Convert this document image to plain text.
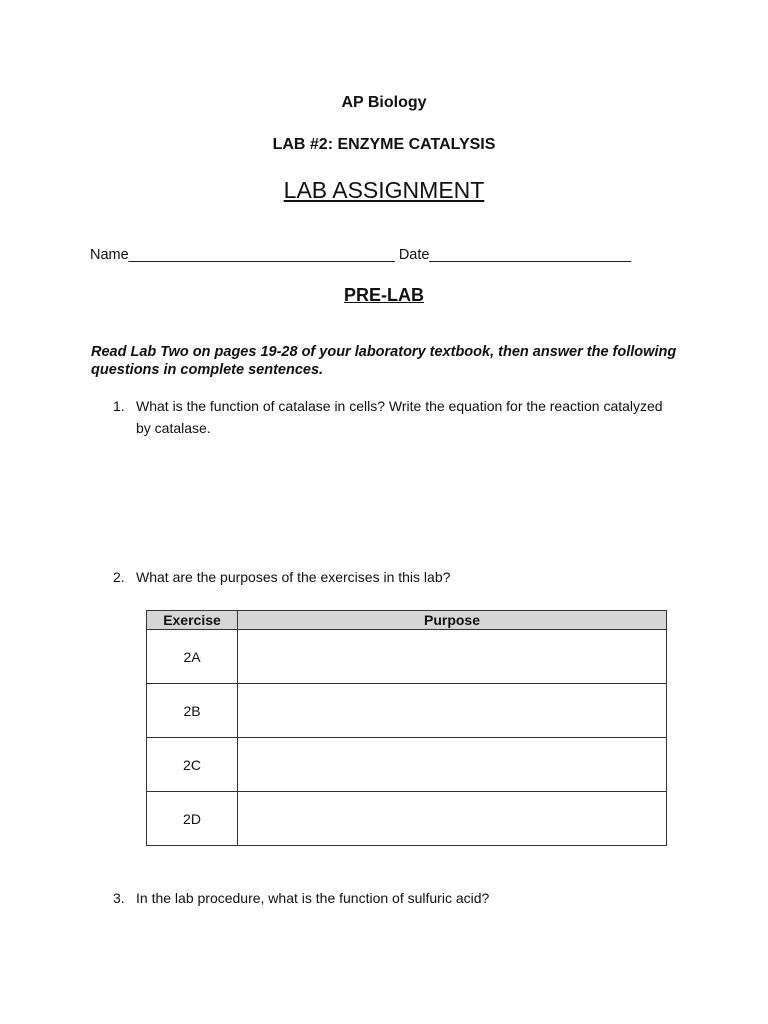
AP Biology
LAB #2: ENZYME CATALYSIS
LAB ASSIGNMENT
Name_________________________________ Date_________________________
PRE-LAB
Read Lab Two on pages 19-28 of your laboratory textbook, then answer the following questions in complete sentences.
1. What is the function of catalase in cells? Write the equation for the reaction catalyzed by catalase.
2. What are the purposes of the exercises in this lab?
Exercise	Purpose
2A	
2B	
2C	
2D	
3. In the lab procedure, what is the function of sulfuric acid?
